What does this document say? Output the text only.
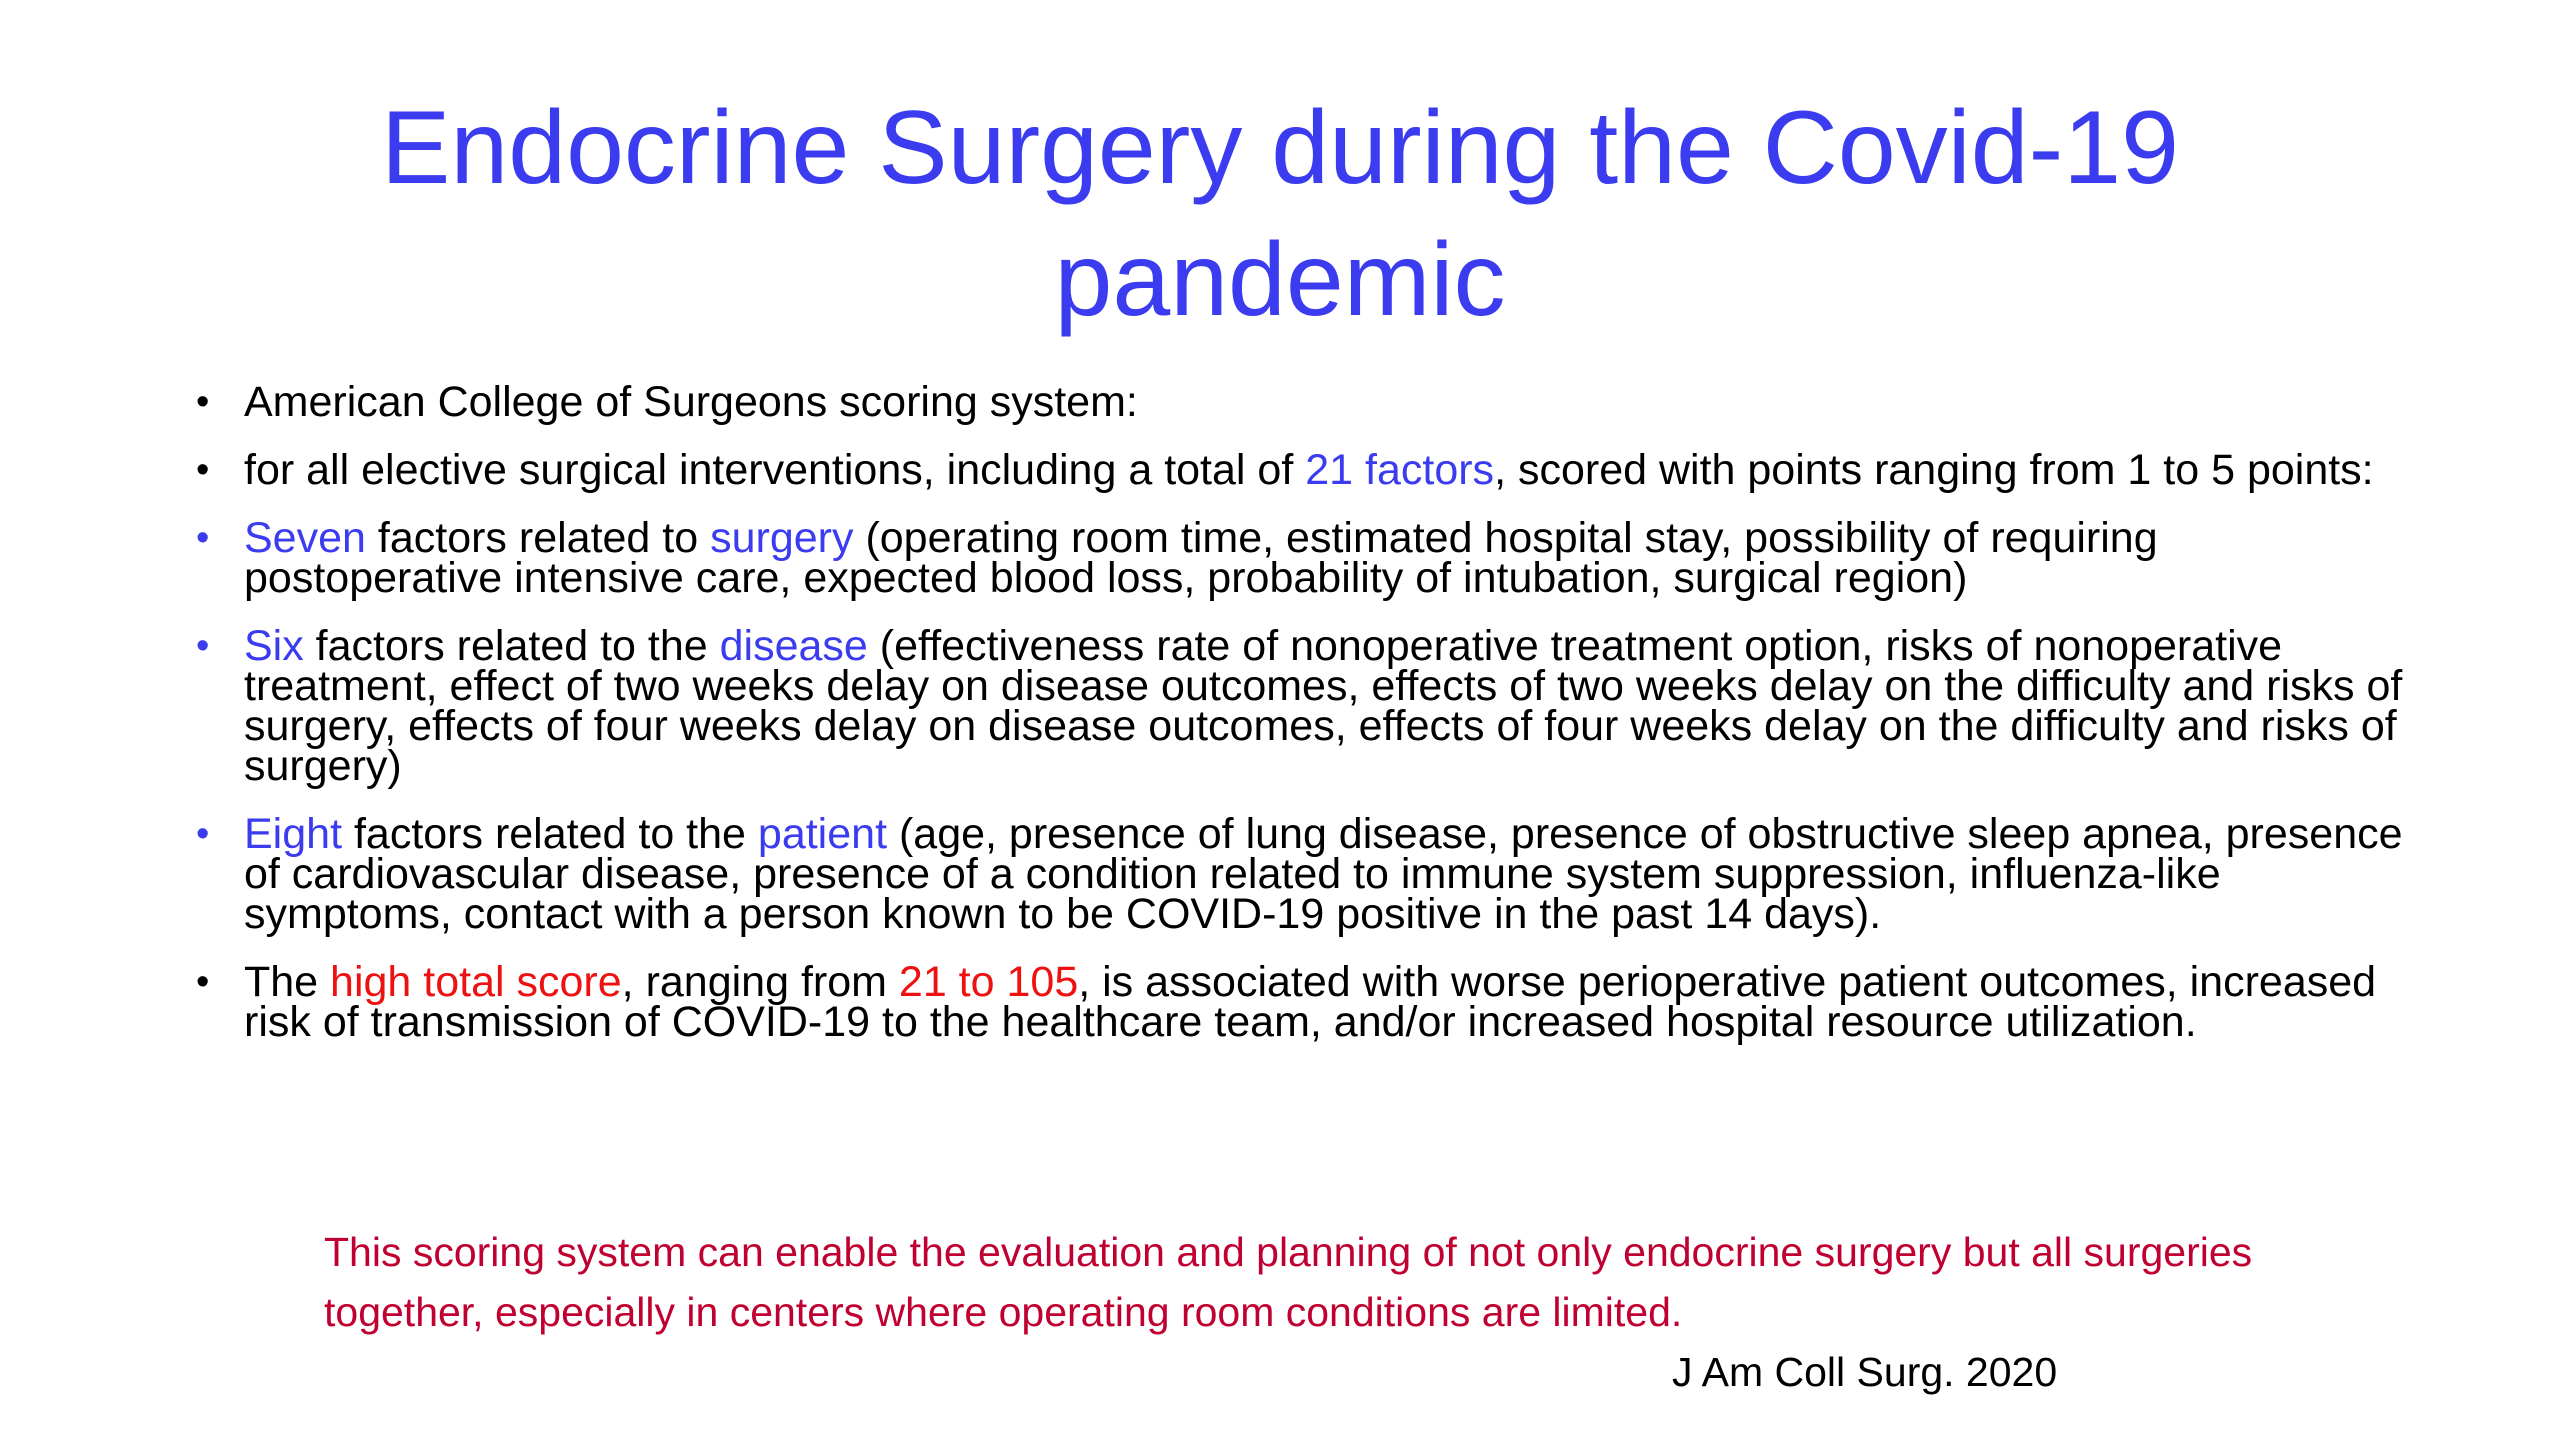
Endocrine Surgery during the Covid-19
pandemic
• American College of Surgeons scoring system:
• for all elective surgical interventions, including a total of 21 factors, scored with points ranging from 1 to 5 points:
• Seven factors related to surgery (operating room time, estimated hospital stay, possibility of requiring postoperative intensive care, expected blood loss, probability of intubation, surgical region)
• Six factors related to the disease (effectiveness rate of nonoperative treatment option, risks of nonoperative treatment, effect of two weeks delay on disease outcomes, effects of two weeks delay on the difficulty and risks of surgery, effects of four weeks delay on disease outcomes, effects of four weeks delay on the difficulty and risks of surgery)
• Eight factors related to the patient (age, presence of lung disease, presence of obstructive sleep apnea, presence of cardiovascular disease, presence of a condition related to immune system suppression, influenza-like symptoms, contact with a person known to be COVID-19 positive in the past 14 days).
• The high total score, ranging from 21 to 105, is associated with worse perioperative patient outcomes, increased risk of transmission of COVID-19 to the healthcare team, and/or increased hospital resource utilization.
This scoring system can enable the evaluation and planning of not only endocrine surgery but all surgeries together, especially in centers where operating room conditions are limited.
J Am Coll Surg. 2020
